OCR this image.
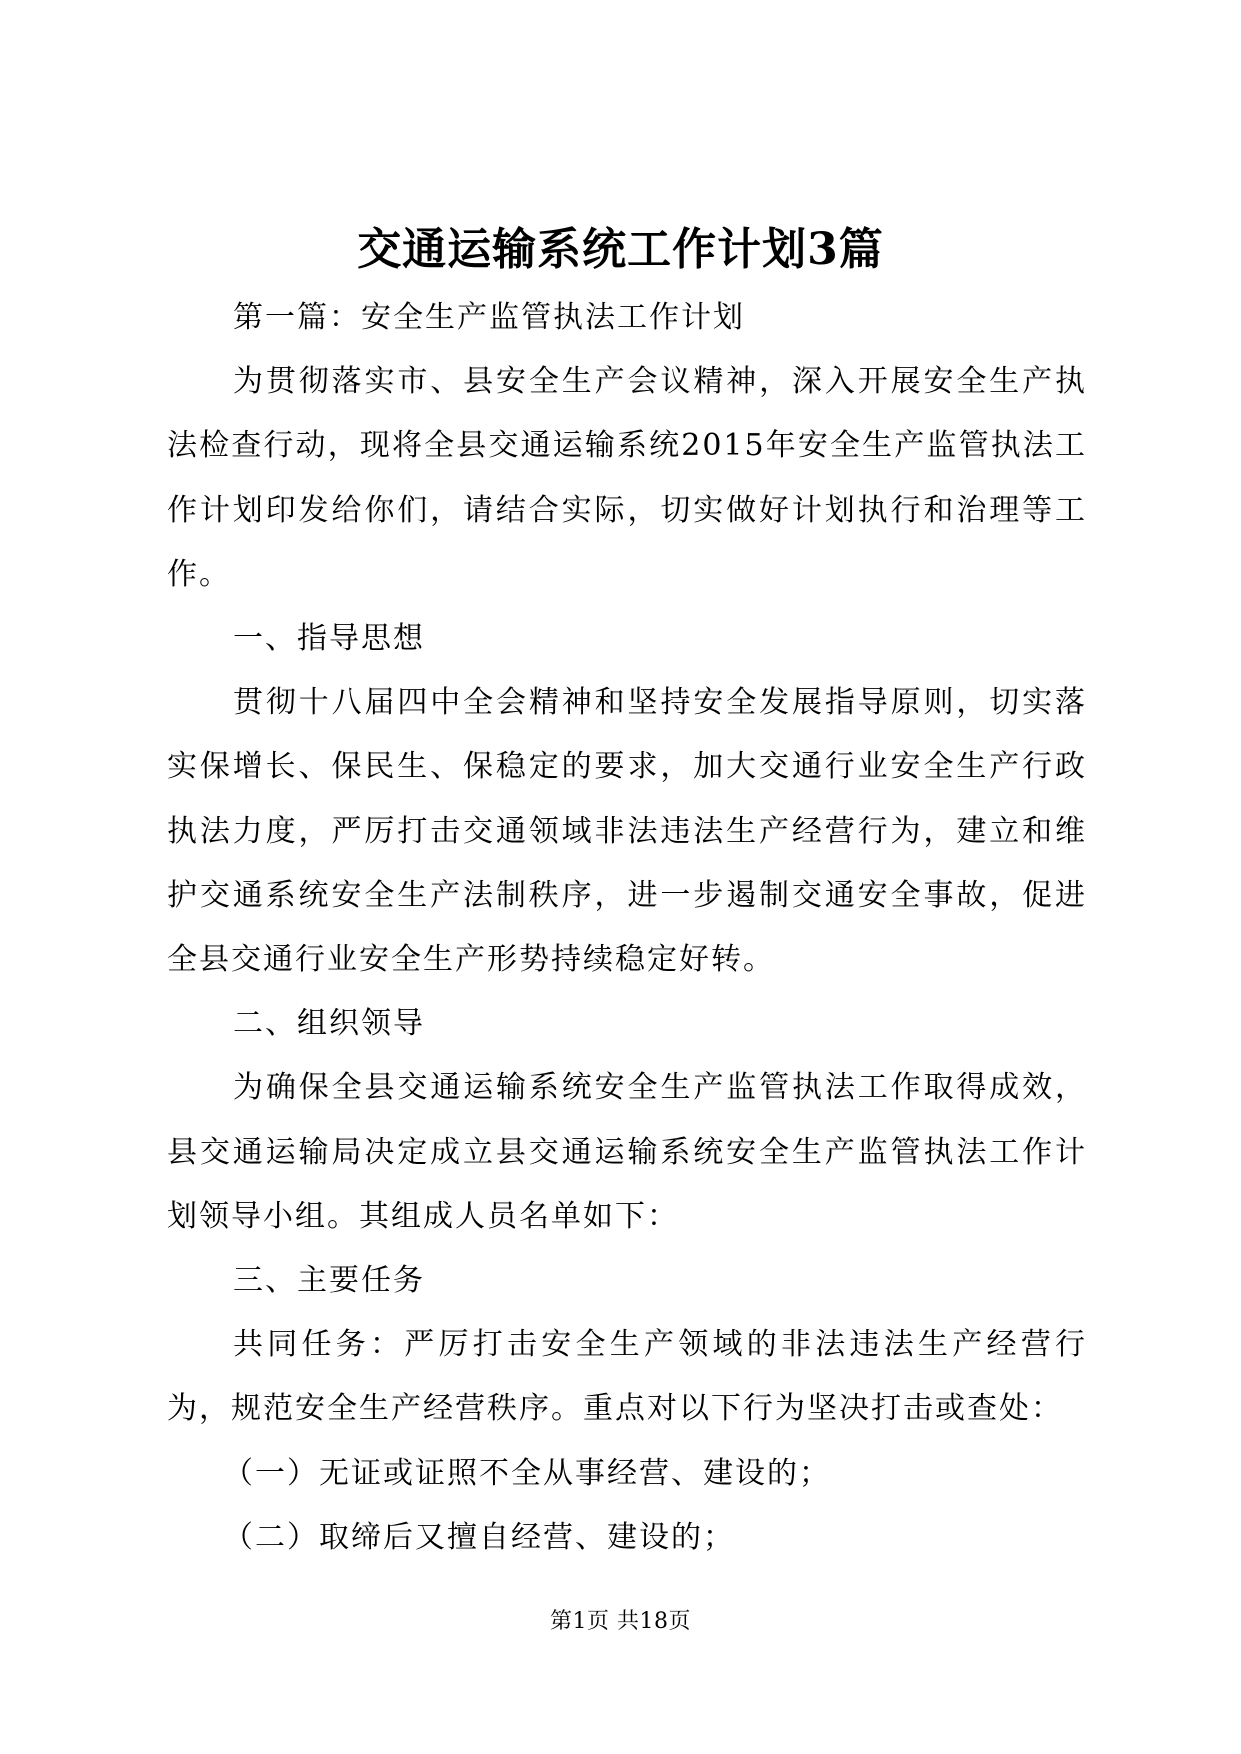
交通运输系统工作计划3篇

第一篇：安全生产监管执法工作计划

为贯彻落实市、县安全生产会议精神，深入开展安全生产执法检查行动，现将全县交通运输系统2015年安全生产监管执法工作计划印发给你们，请结合实际，切实做好计划执行和治理等工作。

一、指导思想

贯彻十八届四中全会精神和坚持安全发展指导原则，切实落实保增长、保民生、保稳定的要求，加大交通行业安全生产行政执法力度，严厉打击交通领域非法违法生产经营行为，建立和维护交通系统安全生产法制秩序，进一步遏制交通安全事故，促进全县交通行业安全生产形势持续稳定好转。

二、组织领导

为确保全县交通运输系统安全生产监管执法工作取得成效，县交通运输局决定成立县交通运输系统安全生产监管执法工作计划领导小组。其组成人员名单如下：

三、主要任务

共同任务：严厉打击安全生产领域的非法违法生产经营行为，规范安全生产经营秩序。重点对以下行为坚决打击或查处：

（一）无证或证照不全从事经营、建设的；

（二）取缔后又擅自经营、建设的；

第1页 共18页
